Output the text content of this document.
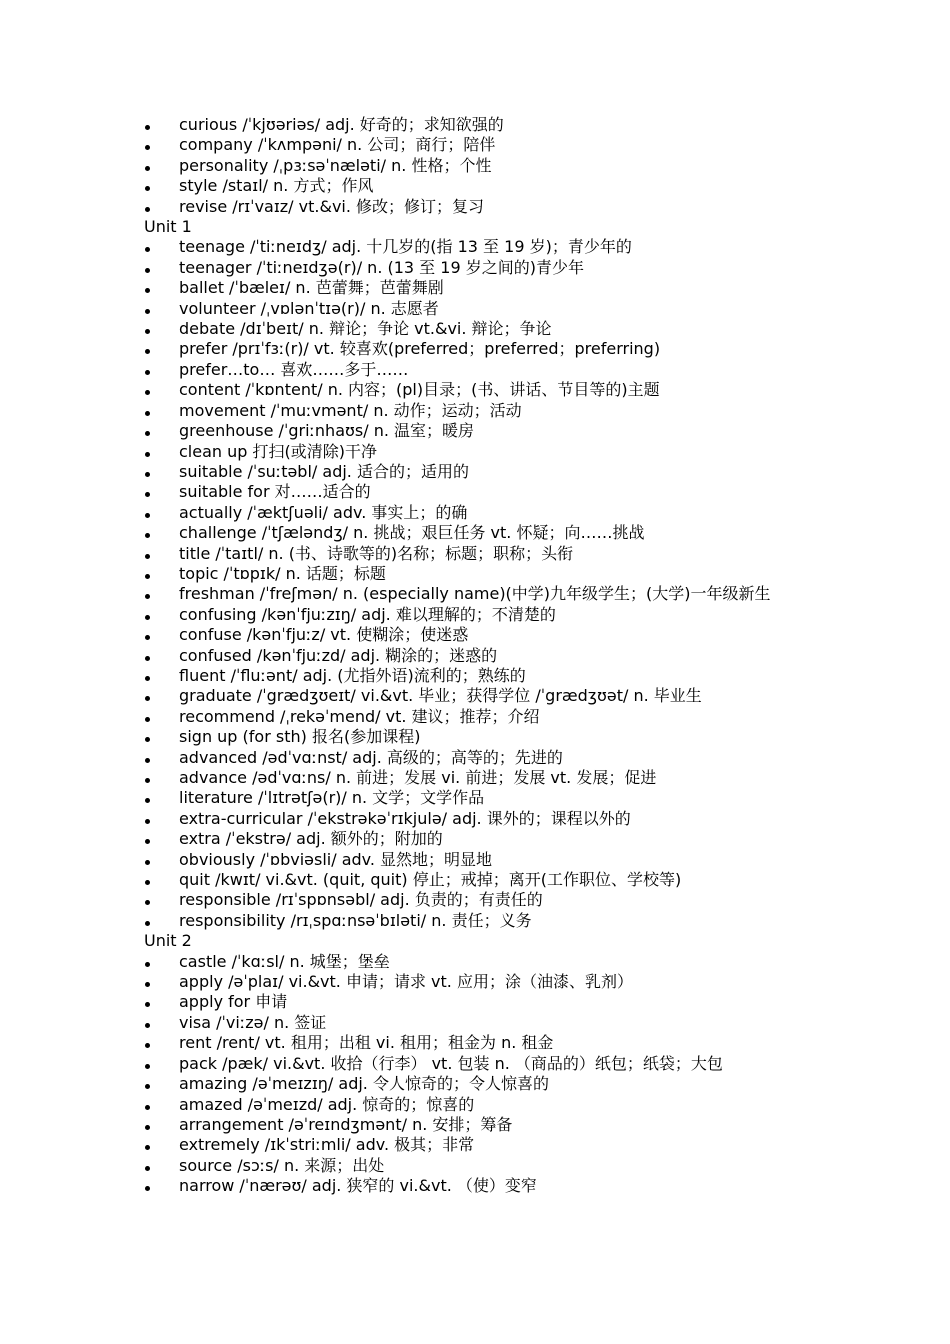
curious /ˈkjʊəriəs/ adj. 好奇的；求知欲强的
company /ˈkʌmpəni/ n. 公司；商行；陪伴
personality /ˌpɜːsəˈnæləti/ n. 性格；个性
style /staɪl/ n. 方式；作风
revise /rɪˈvaɪz/ vt.&vi. 修改；修订；复习
Unit 1
teenage /ˈtiːneɪdʒ/ adj. 十几岁的(指 13 至 19 岁)；青少年的
teenager /ˈtiːneɪdʒə(r)/ n. (13 至 19 岁之间的)青少年
ballet /ˈbæleɪ/ n. 芭蕾舞；芭蕾舞剧
volunteer /ˌvɒlənˈtɪə(r)/ n. 志愿者
debate /dɪˈbeɪt/ n. 辩论；争论 vt.&vi. 辩论；争论
prefer /prɪˈfɜː(r)/ vt. 较喜欢(preferred；preferred；preferring)
prefer…to… 喜欢……多于……
content /ˈkɒntent/ n. 内容；(pl)目录；(书、讲话、节目等的)主题
movement /ˈmuːvmənt/ n. 动作；运动；活动
greenhouse /ˈgriːnhaʊs/ n. 温室；暖房
clean up 打扫(或清除)干净
suitable /ˈsuːtəbl/ adj. 适合的；适用的
suitable for 对……适合的
actually /ˈæktʃuəli/ adv. 事实上；的确
challenge /ˈtʃæləndʒ/ n. 挑战；艰巨任务 vt. 怀疑；向……挑战
title /ˈtaɪtl/ n. (书、诗歌等的)名称；标题；职称；头衔
topic /ˈtɒpɪk/ n. 话题；标题
freshman /ˈfreʃmən/ n. (especially name)(中学)九年级学生；(大学)一年级新生
confusing /kənˈfjuːzɪŋ/ adj. 难以理解的；不清楚的
confuse /kənˈfjuːz/ vt. 使糊涂；使迷惑
confused /kənˈfjuːzd/ adj. 糊涂的；迷惑的
fluent /ˈfluːənt/ adj. (尤指外语)流利的；熟练的
graduate /ˈgrædʒʊeɪt/ vi.&vt. 毕业；获得学位 /ˈgrædʒʊət/ n. 毕业生
recommend /ˌrekəˈmend/ vt. 建议；推荐；介绍
sign up (for sth) 报名(参加课程)
advanced /ədˈvɑːnst/ adj. 高级的；高等的；先进的
advance /ədˈvɑːns/ n. 前进；发展 vi. 前进；发展 vt. 发展；促进
literature /ˈlɪtrətʃə(r)/ n. 文学；文学作品
extra-curricular /ˈekstrəkəˈrɪkjulə/ adj. 课外的；课程以外的
extra /ˈekstrə/ adj. 额外的；附加的
obviously /ˈɒbviəsli/ adv. 显然地；明显地
quit /kwɪt/ vi.&vt. (quit, quit) 停止；戒掉；离开(工作职位、学校等)
responsible /rɪˈspɒnsəbl/ adj. 负责的；有责任的
responsibility /rɪˌspɑːnsəˈbɪləti/ n. 责任；义务
Unit 2
castle /ˈkɑːsl/ n. 城堡；堡垒
apply /əˈplaɪ/ vi.&vt. 申请；请求 vt. 应用；涂（油漆、乳剂）
apply for 申请
visa /ˈviːzə/ n. 签证
rent /rent/ vt. 租用；出租 vi. 租用；租金为 n. 租金
pack /pæk/ vi.&vt. 收拾（行李） vt. 包装 n. （商品的）纸包；纸袋；大包
amazing /əˈmeɪzɪŋ/ adj. 令人惊奇的；令人惊喜的
amazed /əˈmeɪzd/ adj. 惊奇的；惊喜的
arrangement /əˈreɪndʒmənt/ n. 安排；筹备
extremely /ɪkˈstriːmli/ adv. 极其；非常
source /sɔːs/ n. 来源；出处
narrow /ˈnærəʊ/ adj. 狭窄的 vi.&vt. （使）变窄
